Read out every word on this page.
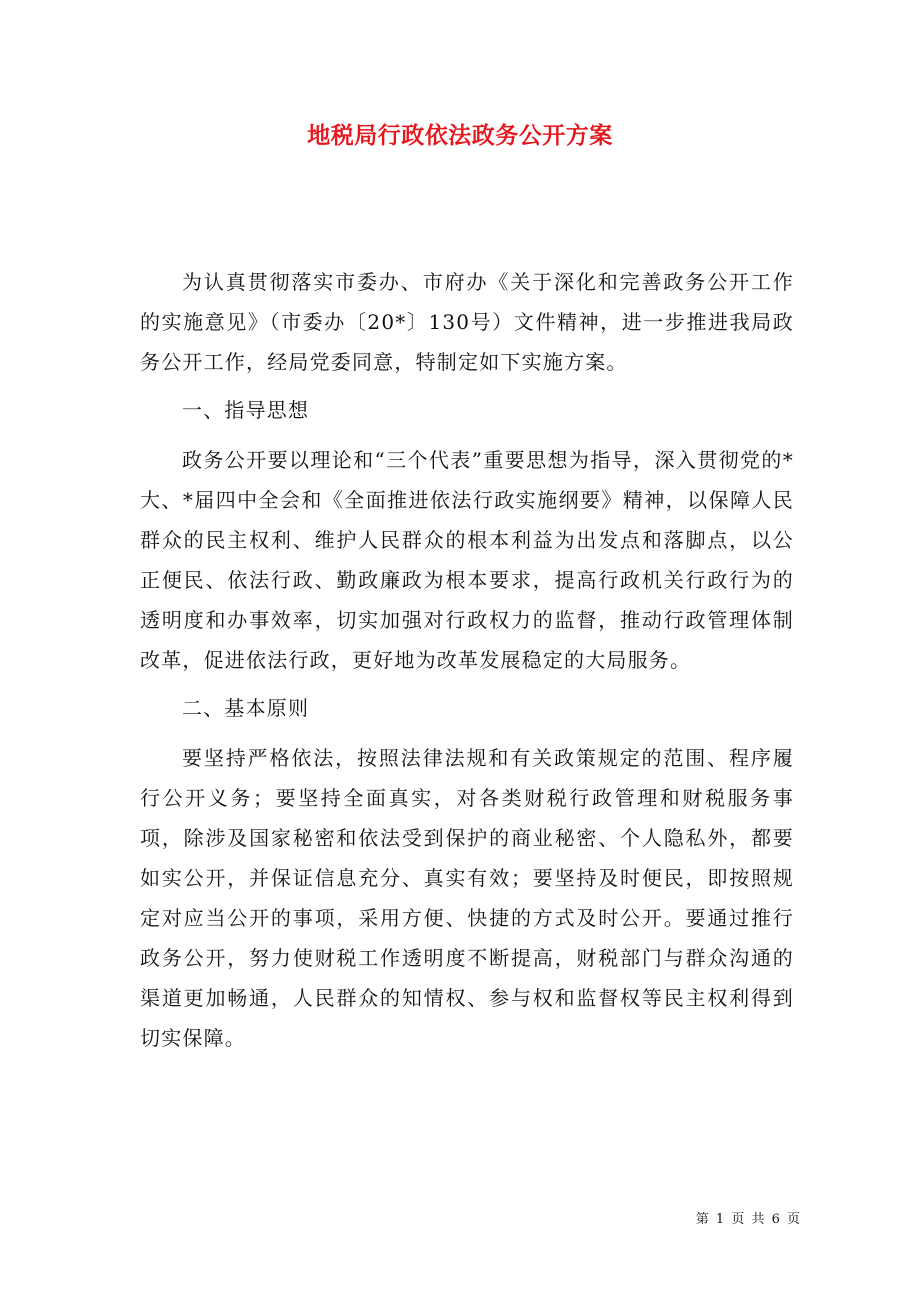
地税局行政依法政务公开方案

为认真贯彻落实市委办、市府办《关于深化和完善政务公开工作的实施意见》（市委办〔20*〕130号）文件精神，进一步推进我局政务公开工作，经局党委同意，特制定如下实施方案。

一、指导思想

政务公开要以理论和“三个代表”重要思想为指导，深入贯彻党的*大、*届四中全会和《全面推进依法行政实施纲要》精神，以保障人民群众的民主权利、维护人民群众的根本利益为出发点和落脚点，以公正便民、依法行政、勤政廉政为根本要求，提高行政机关行政行为的透明度和办事效率，切实加强对行政权力的监督，推动行政管理体制改革，促进依法行政，更好地为改革发展稳定的大局服务。

二、基本原则

要坚持严格依法，按照法律法规和有关政策规定的范围、程序履行公开义务；要坚持全面真实，对各类财税行政管理和财税服务事项，除涉及国家秘密和依法受到保护的商业秘密、个人隐私外，都要如实公开，并保证信息充分、真实有效；要坚持及时便民，即按照规定对应当公开的事项，采用方便、快捷的方式及时公开。要通过推行政务公开，努力使财税工作透明度不断提高，财税部门与群众沟通的渠道更加畅通，人民群众的知情权、参与权和监督权等民主权利得到切实保障。

第 1 页 共 6 页
